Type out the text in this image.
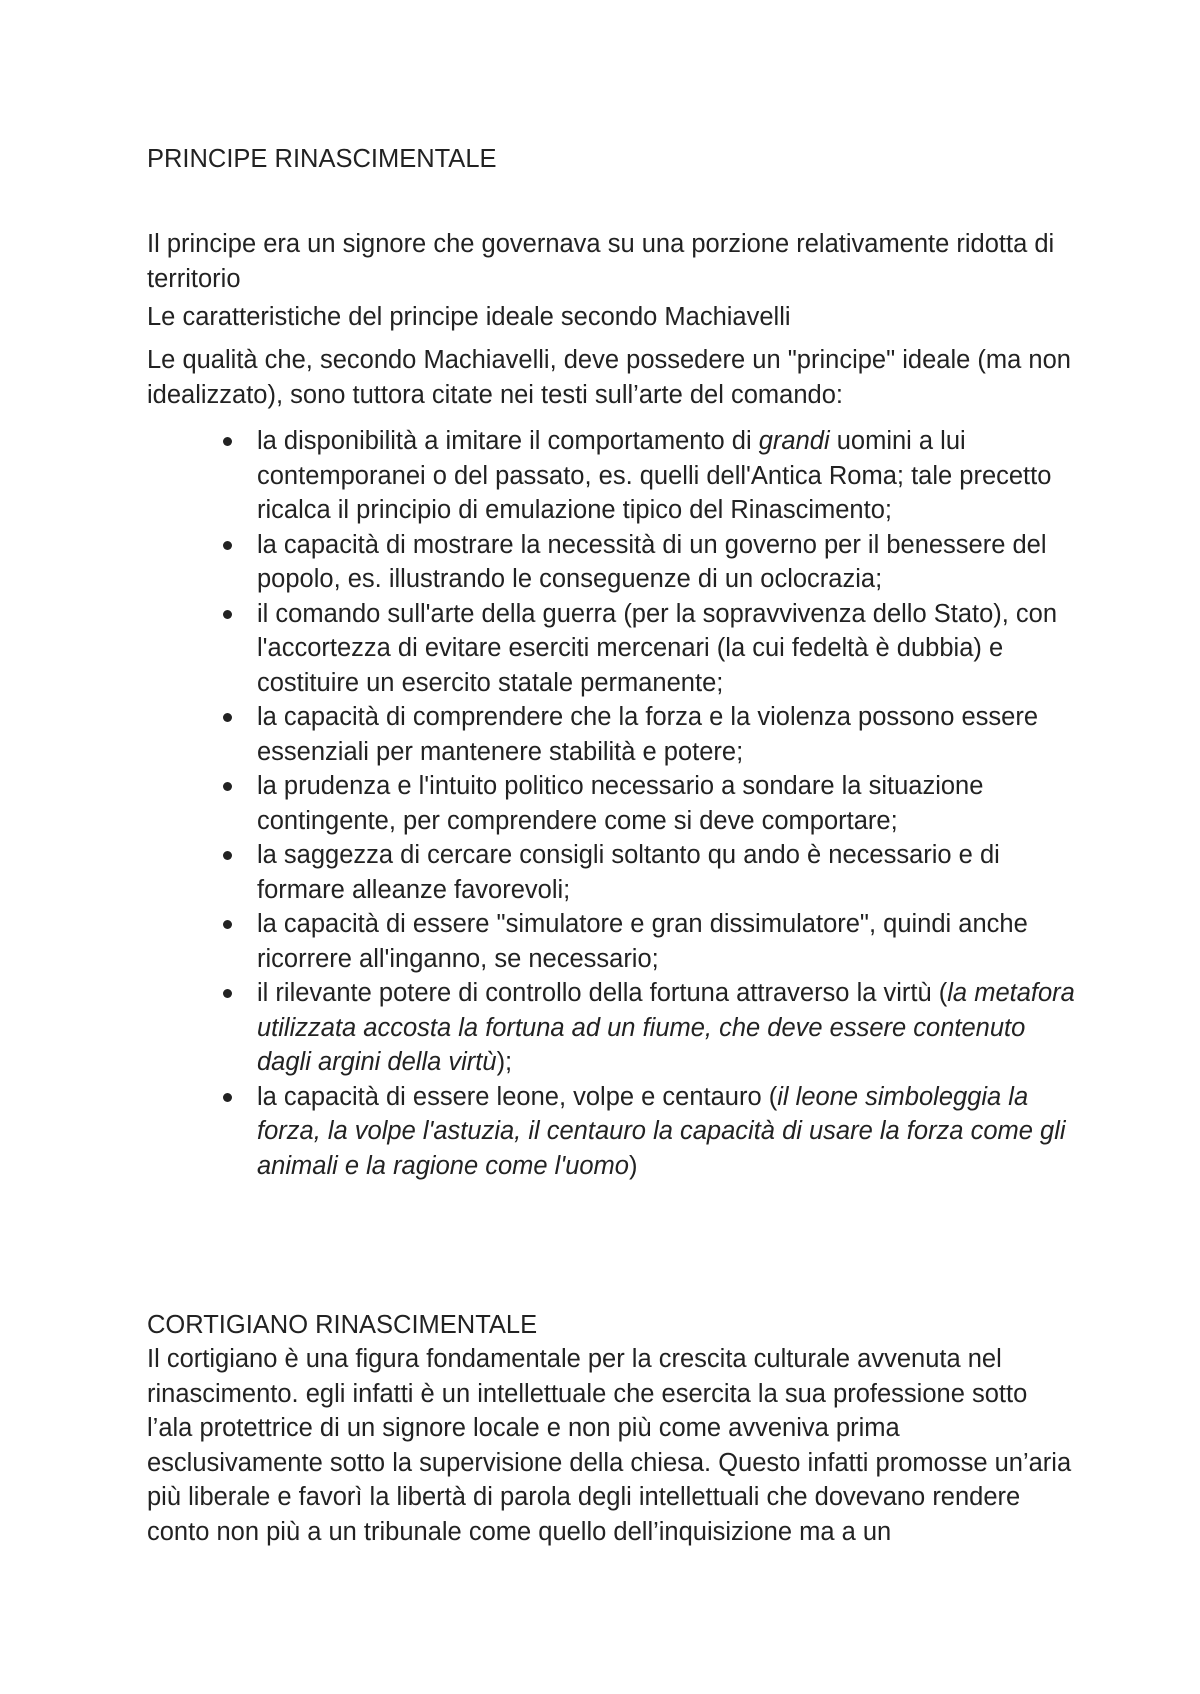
PRINCIPE RINASCIMENTALE

Il principe era un signore che governava su una porzione relativamente ridotta di territorio

Le caratteristiche del principe ideale secondo Machiavelli

Le qualità che, secondo Machiavelli, deve possedere un "principe" ideale (ma non idealizzato), sono tuttora citate nei testi sull’arte del comando:

la disponibilità a imitare il comportamento di grandi uomini a lui contemporanei o del passato, es. quelli dell'Antica Roma; tale precetto ricalca il principio di emulazione tipico del Rinascimento;
la capacità di mostrare la necessità di un governo per il benessere del popolo, es. illustrando le conseguenze di un oclocrazia;
il comando sull'arte della guerra (per la sopravvivenza dello Stato), con l'accortezza di evitare eserciti mercenari (la cui fedeltà è dubbia) e costituire un esercito statale permanente;
la capacità di comprendere che la forza e la violenza possono essere essenziali per mantenere stabilità e potere;
la prudenza e l'intuito politico necessario a sondare la situazione contingente, per comprendere come si deve comportare;
la saggezza di cercare consigli soltanto qu ando è necessario e di formare alleanze favorevoli;
la capacità di essere "simulatore e gran dissimulatore", quindi anche ricorrere all'inganno, se necessario;
il rilevante potere di controllo della fortuna attraverso la virtù (la metafora utilizzata accosta la fortuna ad un fiume, che deve essere contenuto dagli argini della virtù);
la capacità di essere leone, volpe e centauro (il leone simboleggia la forza, la volpe l'astuzia, il centauro la capacità di usare la forza come gli animali e la ragione come l'uomo)

CORTIGIANO RINASCIMENTALE

Il cortigiano è una figura fondamentale per la crescita culturale avvenuta nel rinascimento. egli infatti è un intellettuale che esercita la sua professione sotto l’ala protettrice di un signore locale e non più come avveniva prima esclusivamente sotto la supervisione della chiesa. Questo infatti promosse un’aria più liberale e favorì la libertà di parola degli intellettuali che dovevano rendere conto non più a un tribunale come quello dell’inquisizione ma a un
